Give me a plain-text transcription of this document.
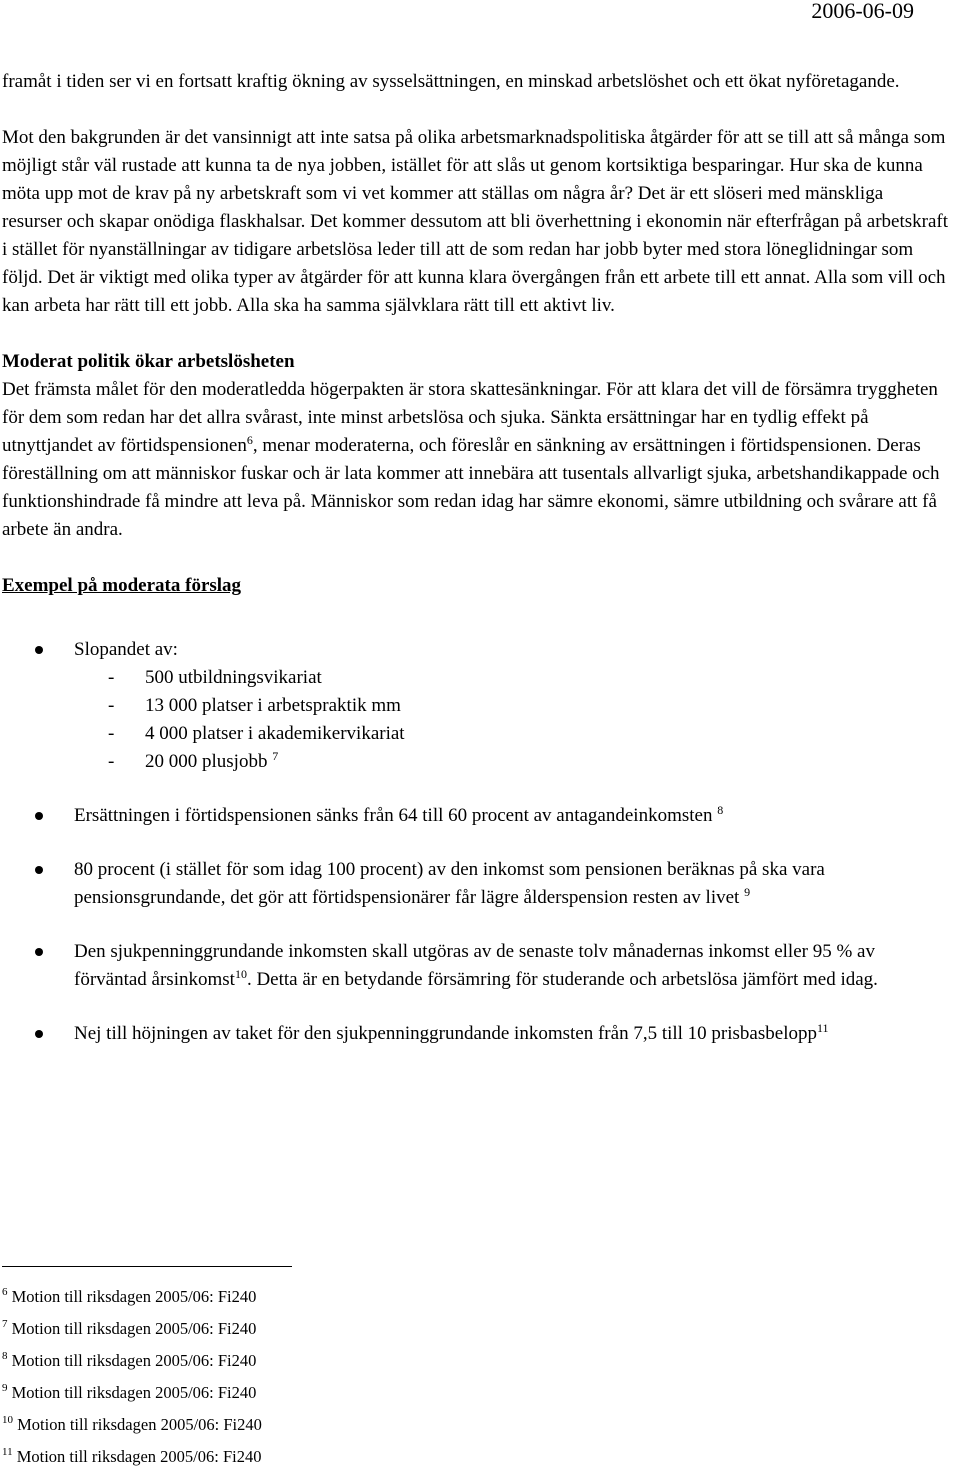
2006-06-09

framåt i tiden ser vi en fortsatt kraftig ökning av sysselsättningen, en minskad arbetslöshet och ett ökat nyföretagande.

Mot den bakgrunden är det vansinnigt att inte satsa på olika arbetsmarknadspolitiska åtgärder för att se till att så många som möjligt står väl rustade att kunna ta de nya jobben, istället för att slås ut genom kortsiktiga besparingar. Hur ska de kunna möta upp mot de krav på ny arbetskraft som vi vet kommer att ställas om några år? Det är ett slöseri med mänskliga resurser och skapar onödiga flaskhalsar. Det kommer dessutom att bli överhettning i ekonomin när efterfrågan på arbetskraft i stället för nyanställningar av tidigare arbetslösa leder till att de som redan har jobb byter med stora löneglidningar som följd. Det är viktigt med olika typer av åtgärder för att kunna klara övergången från ett arbete till ett annat. Alla som vill och kan arbeta har rätt till ett jobb. Alla ska ha samma självklara rätt till ett aktivt liv.

Moderat politik ökar arbetslösheten

Det främsta målet för den moderatledda högerpakten är stora skattesänkningar. För att klara det vill de försämra tryggheten för dem som redan har det allra svårast, inte minst arbetslösa och sjuka. Sänkta ersättningar har en tydlig effekt på utnyttjandet av förtidspensionen$^6$, menar moderaterna, och föreslår en sänkning av ersättningen i förtidspensionen. Deras föreställning om att människor fuskar och är lata kommer att innebära att tusentals allvarligt sjuka, arbetshandikappade och funktionshindrade få mindre att leva på. Människor som redan idag har sämre ekonomi, sämre utbildning och svårare att få arbete än andra.

Exempel på moderata förslag

Slopandet av:
- 500 utbildningsvikariat
- 13 000 platser i arbetspraktik mm
- 4 000 platser i akademikervikariat
- 20 000 plusjobb $^7$
Ersättningen i förtidspensionen sänks från 64 till 60 procent av antagandeinkomsten $^8$
80 procent (i stället för som idag 100 procent) av den inkomst som pensionen beräknas på ska vara pensionsgrundande, det gör att förtidspensionärer får lägre ålderspension resten av livet $^9$
Den sjukpenninggrundande inkomsten skall utgöras av de senaste tolv månadernas inkomst eller 95 % av förväntad årsinkomst$^{10}$. Detta är en betydande försämring för studerande och arbetslösa jämfört med idag.
Nej till höjningen av taket för den sjukpenninggrundande inkomsten från 7,5 till 10 prisbasbelopp$^{11}$
$^6$ Motion till riksdagen 2005/06: Fi240
$^7$ Motion till riksdagen 2005/06: Fi240
$^8$ Motion till riksdagen 2005/06: Fi240
$^9$ Motion till riksdagen 2005/06: Fi240
$^{10}$ Motion till riksdagen 2005/06: Fi240
$^{11}$ Motion till riksdagen 2005/06: Fi240
